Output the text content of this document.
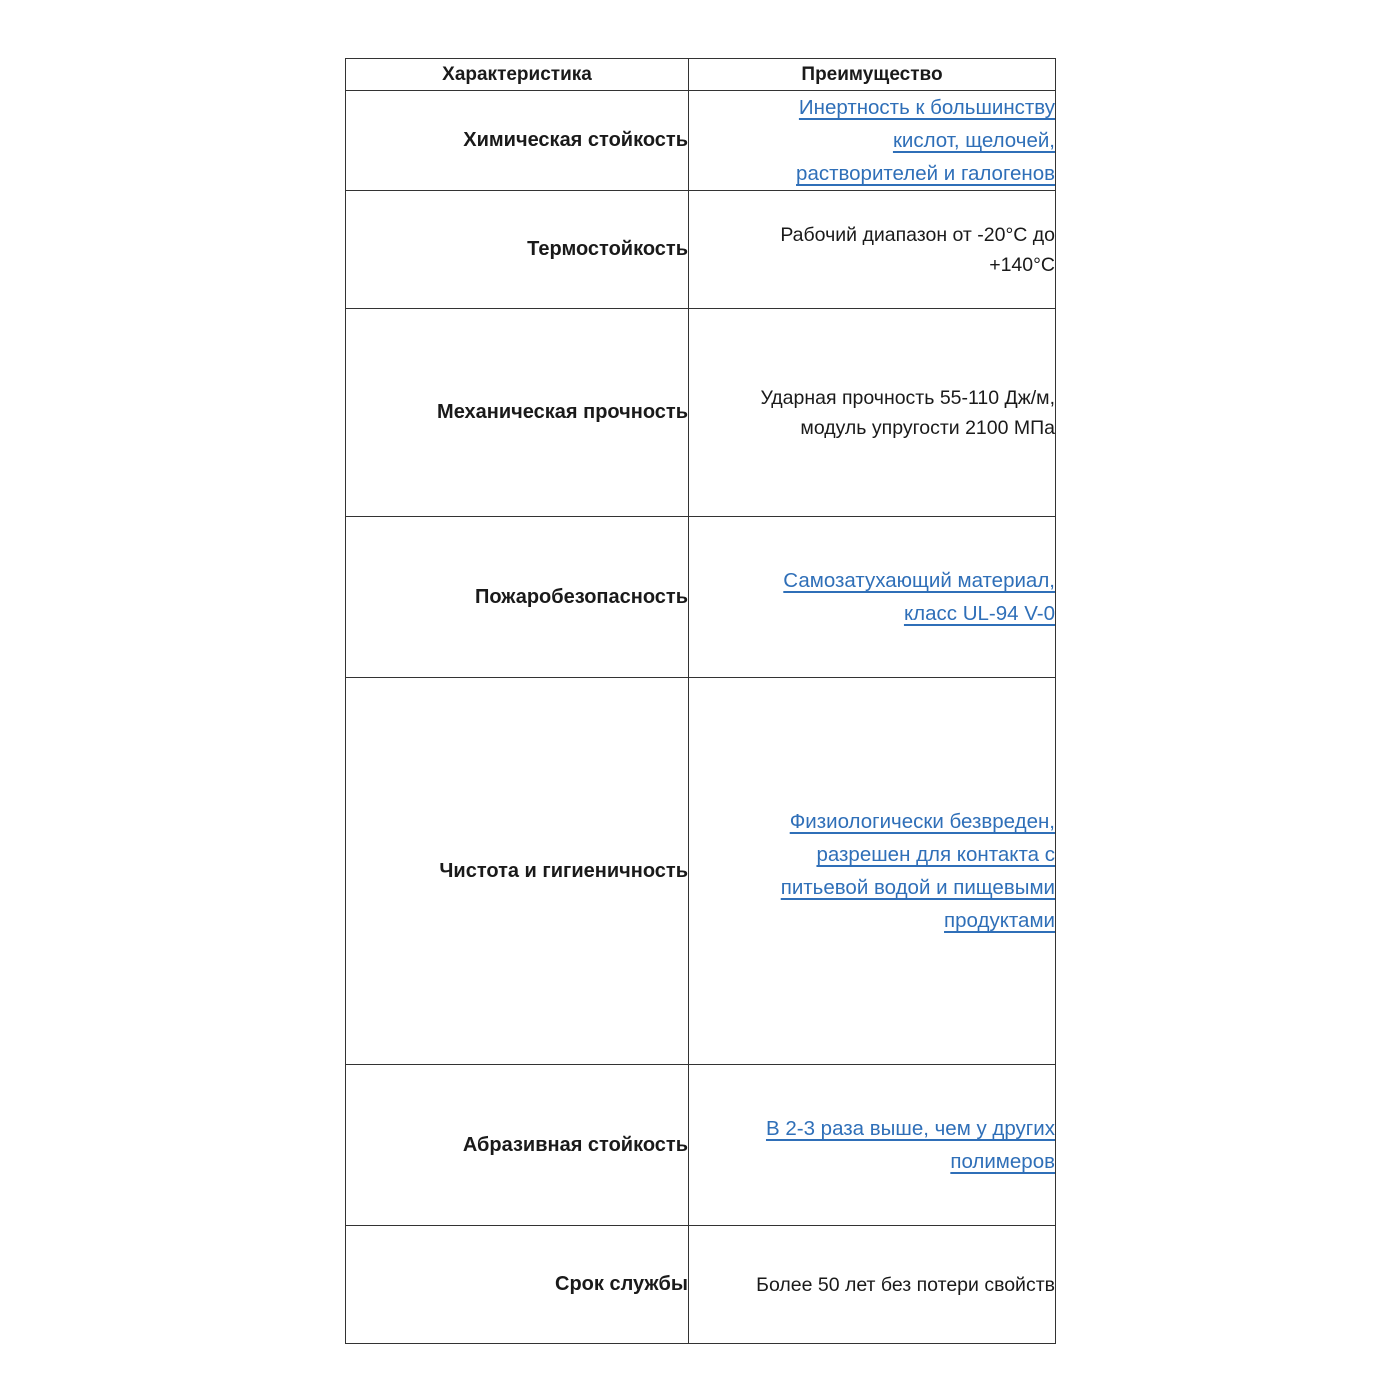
Характеристика	Преимущество
Химическая стойкость	Инертность к большинству
кислот, щелочей,
растворителей и галогенов

Термостойкость	Рабочий диапазон от -20°C до
+140°C

Механическая прочность	Ударная прочность 55-110 Дж/м,
модуль упругости 2100 МПа

Пожаробезопасность	Самозатухающий материал,
класс UL-94 V-0

Чистота и гигиеничность	Физиологически безвреден,
разрешен для контакта с
питьевой водой и пищевыми
продуктами

Абразивная стойкость	В 2-3 раза выше, чем у других
полимеров

Срок службы	Более 50 лет без потери свойств
